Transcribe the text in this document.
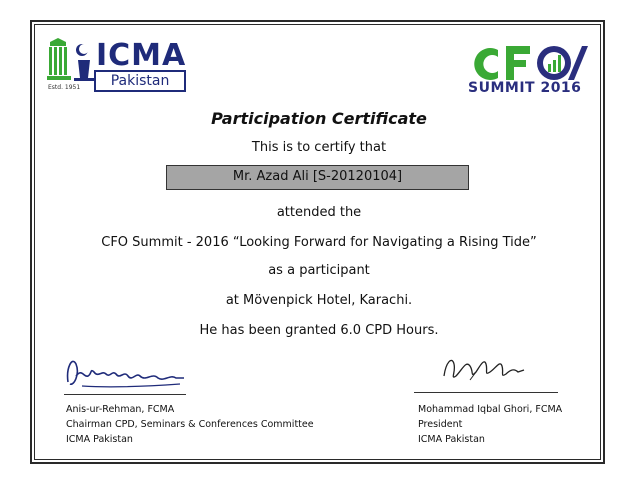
ICMA
Pakistan
Estd. 1951	SUMMIT 2016
Participation Certificate
This is to certify that
Mr. Azad Ali [S-20120104]
attended the
CFO Summit - 2016 “Looking Forward for Navigating a Rising Tide”
as a participant
at Mövenpick Hotel, Karachi.
He has been granted 6.0 CPD Hours.
Anis-ur-Rehman, FCMA
Chairman CPD, Seminars & Conferences Committee
ICMA Pakistan
Mohammad Iqbal Ghori, FCMA
President
ICMA Pakistan
